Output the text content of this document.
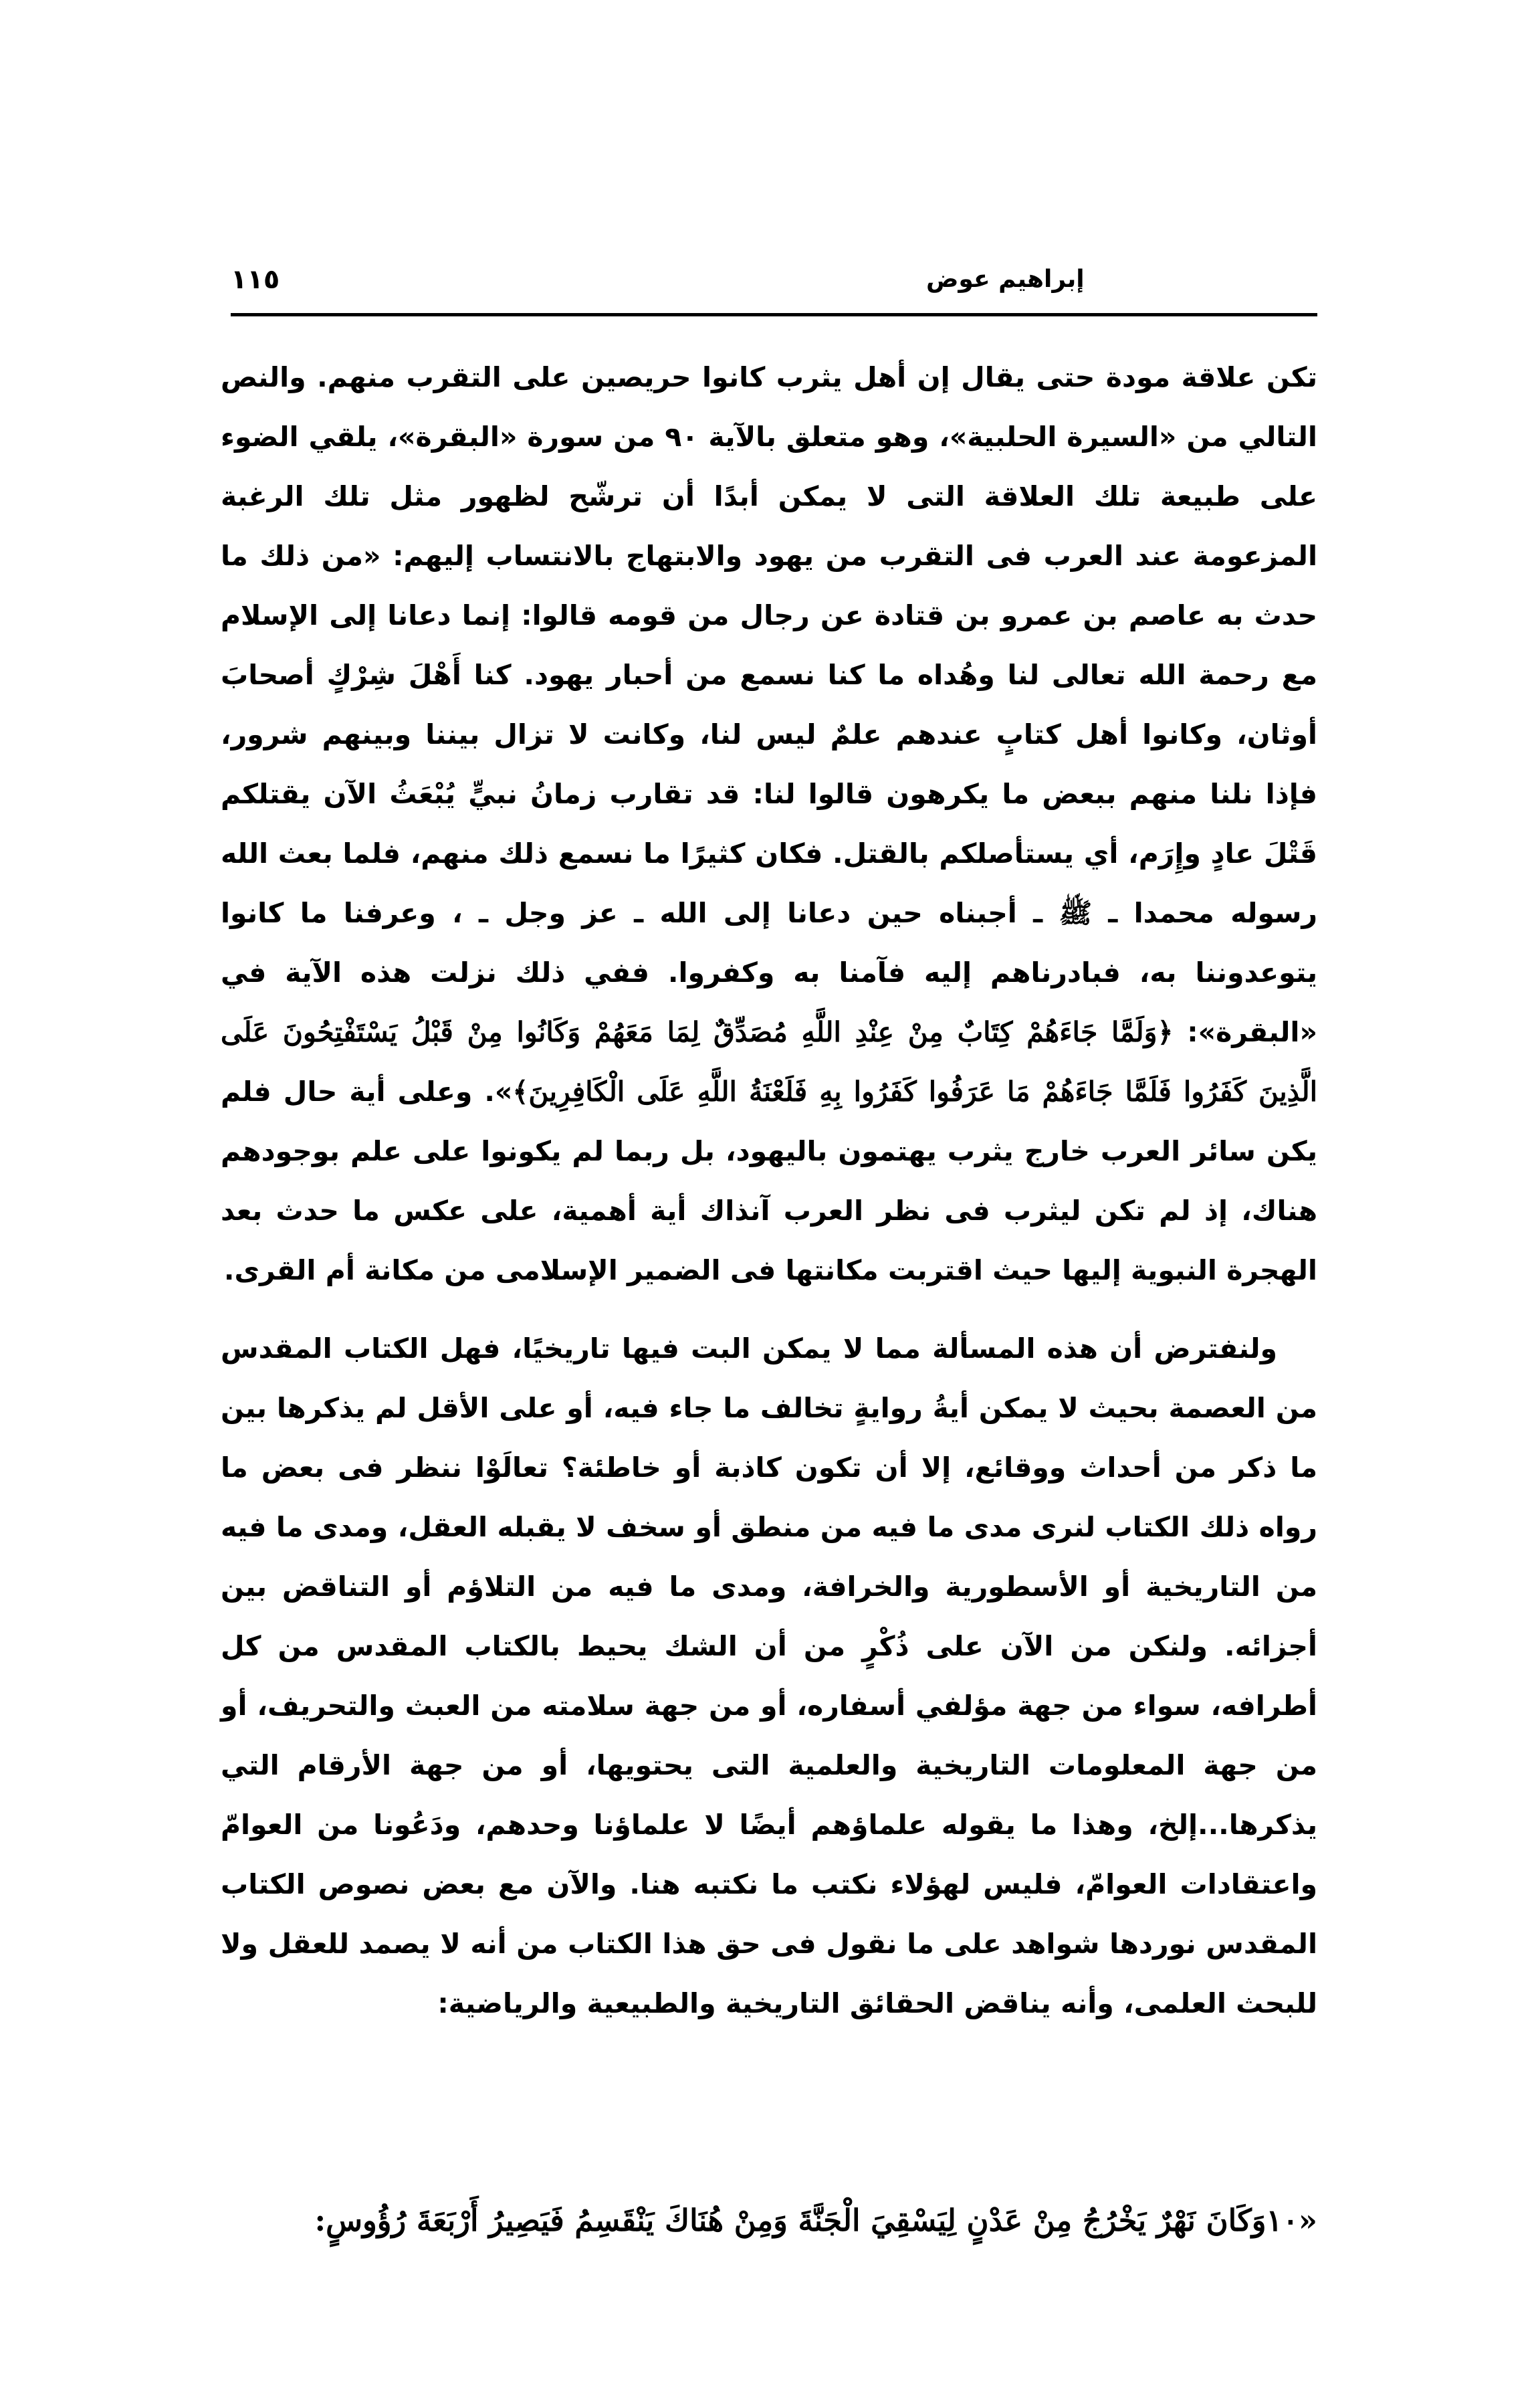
١١٥	إبراهيم عوض

تكن علاقة مودة حتى يقال إن أهل يثرب كانوا حريصين على التقرب منهم. والنص التالي من «السيرة الحلبية»، وهو متعلق بالآية ٩٠ من سورة «البقرة»، يلقي الضوء على طبيعة تلك العلاقة التى لا يمكن أبدًا أن ترشّح لظهور مثل تلك الرغبة المزعومة عند العرب فى التقرب من يهود والابتهاج بالانتساب إليهم: «من ذلك ما حدث به عاصم بن عمرو بن قتادة عن رجال من قومه قالوا: إنما دعانا إلى الإسلام مع رحمة الله تعالى لنا وهُداه ما كنا نسمع من أحبار يهود. كنا أَهْلَ شِرْكٍ أصحابَ أوثان، وكانوا أهل كتابٍ عندهم علمٌ ليس لنا، وكانت لا تزال بيننا وبينهم شرور، فإذا نلنا منهم ببعض ما يكرهون قالوا لنا: قد تقارب زمانُ نبيٍّ يُبْعَثُ الآن يقتلكم قَتْلَ عادٍ وإِرَم، أي يستأصلكم بالقتل. فكان كثيرًا ما نسمع ذلك منهم، فلما بعث الله رسوله محمدا ـ ﷺ ـ أجبناه حين دعانا إلى الله ـ عز وجل ـ ، وعرفنا ما كانوا يتوعدوننا به، فبادرناهم إليه فآمنا به وكفروا. ففي ذلك نزلت هذه الآية في «البقرة»: ﴿وَلَمَّا جَاءَهُمْ كِتَابٌ مِنْ عِنْدِ اللَّهِ مُصَدِّقٌ لِمَا مَعَهُمْ وَكَانُوا مِنْ قَبْلُ يَسْتَفْتِحُونَ عَلَى الَّذِينَ كَفَرُوا فَلَمَّا جَاءَهُمْ مَا عَرَفُوا كَفَرُوا بِهِ فَلَعْنَةُ اللَّهِ عَلَى الْكَافِرِينَ﴾». وعلى أية حال فلم يكن سائر العرب خارج يثرب يهتمون باليهود، بل ربما لم يكونوا على علم بوجودهم هناك، إذ لم تكن ليثرب فى نظر العرب آنذاك أية أهمية، على عكس ما حدث بعد الهجرة النبوية إليها حيث اقتربت مكانتها فى الضمير الإسلامى من مكانة أم القرى.

ولنفترض أن هذه المسألة مما لا يمكن البت فيها تاريخيًا، فهل الكتاب المقدس من العصمة بحيث لا يمكن أيةُ روايةٍ تخالف ما جاء فيه، أو على الأقل لم يذكرها بين ما ذكر من أحداث ووقائع، إلا أن تكون كاذبة أو خاطئة؟ تعالَوْا ننظر فى بعض ما رواه ذلك الكتاب لنرى مدى ما فيه من منطق أو سخف لا يقبله العقل، ومدى ما فيه من التاريخية أو الأسطورية والخرافة، ومدى ما فيه من التلاؤم أو التناقض بين أجزائه. ولنكن من الآن على ذُكْرٍ من أن الشك يحيط بالكتاب المقدس من كل أطرافه، سواء من جهة مؤلفي أسفاره، أو من جهة سلامته من العبث والتحريف، أو من جهة المعلومات التاريخية والعلمية التى يحتويها، أو من جهة الأرقام التي يذكرها...إلخ، وهذا ما يقوله علماؤهم أيضًا لا علماؤنا وحدهم، ودَعُونا من العوامّ واعتقادات العوامّ، فليس لهؤلاء نكتب ما نكتبه هنا. والآن مع بعض نصوص الكتاب المقدس نوردها شواهد على ما نقول فى حق هذا الكتاب من أنه لا يصمد للعقل ولا للبحث العلمى، وأنه يناقض الحقائق التاريخية والطبيعية والرياضية:

«١٠وَكَانَ نَهْرٌ يَخْرُجُ مِنْ عَدْنٍ لِيَسْقِيَ الْجَنَّةَ وَمِنْ هُنَاكَ يَنْقَسِمُ فَيَصِيرُ أَرْبَعَةَ رُؤُوسٍ:
